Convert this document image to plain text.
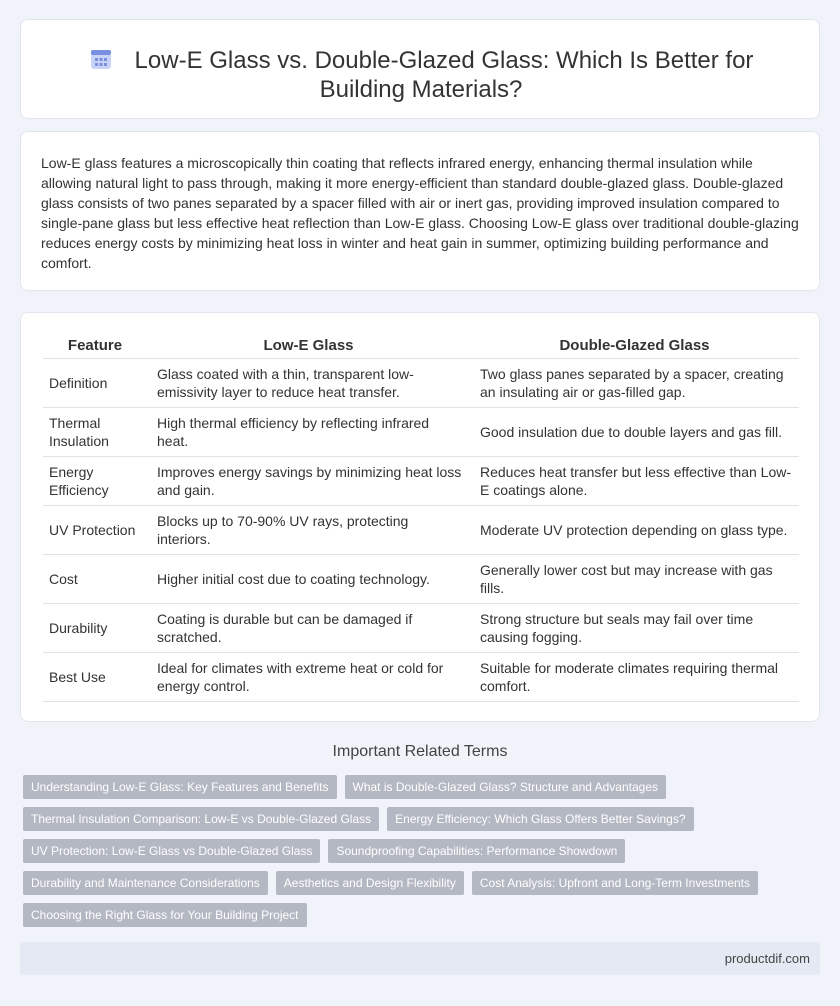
Low-E Glass vs. Double-Glazed Glass: Which Is Better for Building Materials?

Low-E glass features a microscopically thin coating that reflects infrared energy, enhancing thermal insulation while allowing natural light to pass through, making it more energy-efficient than standard double-glazed glass. Double-glazed glass consists of two panes separated by a spacer filled with air or inert gas, providing improved insulation compared to single-pane glass but less effective heat reflection than Low-E glass. Choosing Low-E glass over traditional double-glazing reduces energy costs by minimizing heat loss in winter and heat gain in summer, optimizing building performance and comfort.

Feature	Low-E Glass	Double-Glazed Glass
Definition	Glass coated with a thin, transparent low-emissivity layer to reduce heat transfer.	Two glass panes separated by a spacer, creating an insulating air or gas-filled gap.
Thermal Insulation	High thermal efficiency by reflecting infrared heat.	Good insulation due to double layers and gas fill.
Energy Efficiency	Improves energy savings by minimizing heat loss and gain.	Reduces heat transfer but less effective than Low-E coatings alone.
UV Protection	Blocks up to 70-90% UV rays, protecting interiors.	Moderate UV protection depending on glass type.
Cost	Higher initial cost due to coating technology.	Generally lower cost but may increase with gas fills.
Durability	Coating is durable but can be damaged if scratched.	Strong structure but seals may fail over time causing fogging.
Best Use	Ideal for climates with extreme heat or cold for energy control.	Suitable for moderate climates requiring thermal comfort.
Important Related Terms
Understanding Low-E Glass: Key Features and Benefits	What is Double-Glazed Glass? Structure and Advantages
Thermal Insulation Comparison: Low-E vs Double-Glazed Glass	Energy Efficiency: Which Glass Offers Better Savings?
UV Protection: Low-E Glass vs Double-Glazed Glass	Soundproofing Capabilities: Performance Showdown
Durability and Maintenance Considerations	Aesthetics and Design Flexibility	Cost Analysis: Upfront and Long-Term Investments
Choosing the Right Glass for Your Building Project
productdif.com
